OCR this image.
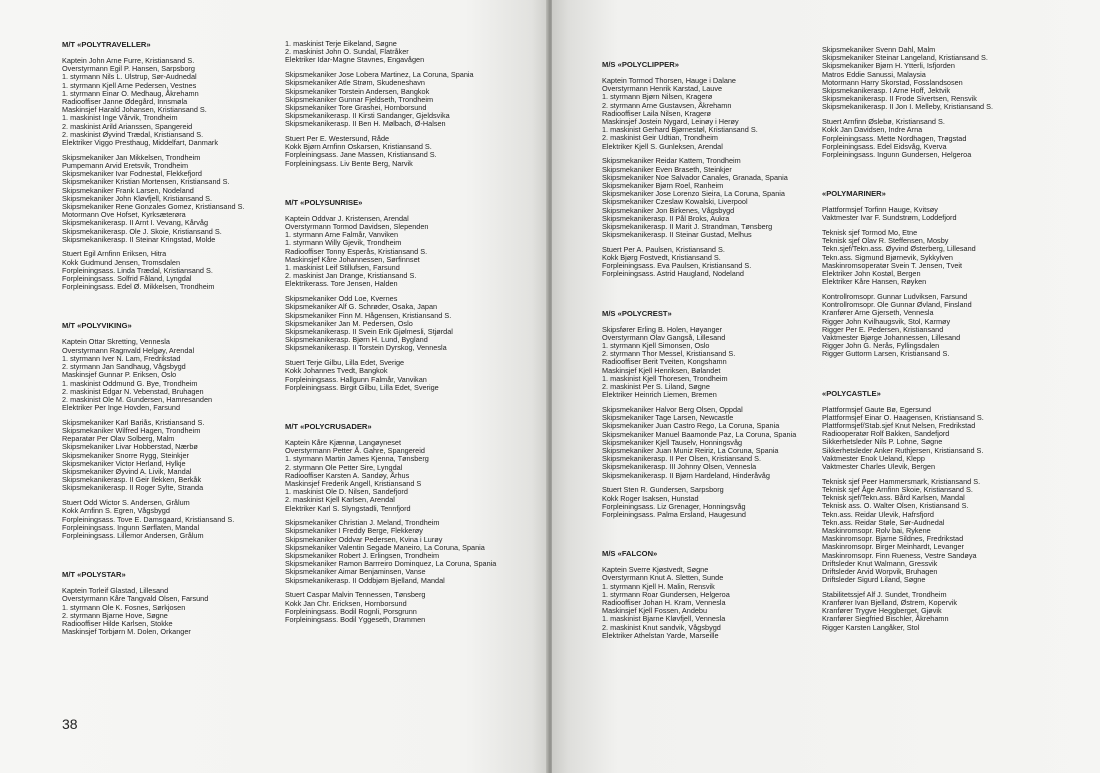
M/T «POLYTRAVELLER»
Kaptein John Arne Furre, Kristiansand S.
Overstyrmann Egil P. Hansen, Sarpsborg
1. styrmann Nils L. Ulstrup, Sør-Audnedal
1. styrmann Kjell Arne Pedersen, Vestnes
1. styrmann Einar O. Medhaug, Åkrehamn
Radiooffiser Janne Ødegård, Innsmøla
Maskinsjef Harald Johansen, Kristiansand S.
1. maskinist Inge Vårvik, Trondheim
2. maskinist Arild Arianssen, Spangereid
2. maskinist Øyvind Trædal, Kristiansand S.
Elektriker Viggo Presthaug, Middelfart, Danmark
Skipsmekaniker Jan Mikkelsen, Trondheim
Pumpemann Arvid Eretsvik, Trondheim
Skipsmekaniker Ivar Fodnestøl, Flekkefjord
Skipsmekaniker Kristian Mortensen, Kristiansand S.
Skipsmekaniker Frank Larsen, Nodeland
Skipsmekaniker John Kløvfjell, Kristiansand S.
Skipsmekaniker Rene Gonzales Gomez, Kristiansand S.
Motormann Ove Hofset, Kyrksæterøra
Skipsmekanikerasp. II Arnt I. Vevang, Kårvåg
Skipsmekanikerasp. Ole J. Skoie, Kristiansand S.
Skipsmekanikerasp. II Steinar Kringstad, Molde
Stuert Egil Arnfinn Eriksen, Hitra
Kokk Gudmund Jensen, Tromsdalen
Forpleiningsass. Linda Trædal, Kristiansand S.
Forpleiningsass. Solfrid Fåland, Lyngdal
Forpleiningsass. Edel Ø. Mikkelsen, Trondheim
M/T «POLYVIKING»
Kaptein Ottar Skretting, Vennesla
Overstyrmann Ragnvald Helgøy, Arendal
1. styrmann Iver N. Lam, Fredrikstad
2. styrmann Jan Sandhaug, Vågsbygd
Maskinsjef Gunnar P. Eriksen, Oslo
1. maskinist Oddmund G. Bye, Trondheim
2. maskinist Edgar N. Vebenstad, Bruhagen
2. maskinist Ole M. Gundersen, Hamresanden
Elektriker Per Inge Hovden, Farsund
Skipsmekaniker Karl Bariås, Kristiansand S.
Skipsmekaniker Wilfred Hagen, Trondheim
Reparatør Per Olav Solberg, Malm
Skipsmekaniker Livar Hobberstad, Nærbø
Skipsmekaniker Snorre Rygg, Steinkjer
Skipsmekaniker Victor Herland, Hylkje
Skipsmekaniker Øyvind A. Livik, Mandal
Skipsmekanikerasp. II Geir Ilekken, Berkåk
Skipsmekanikerasp. II Roger Sylte, Stranda
Stuert Odd Wictor S. Andersen, Grålum
Kokk Arnfinn S. Egren, Vågsbygd
Forpleiningsass. Tove E. Damsgaard, Kristiansand S.
Forpleiningsass. Ingunn Sørflaten, Mandal
Forpleiningsass. Lillemor Andersen, Grålum
M/T «POLYSTAR»
Kaptein Torleif Glastad, Lillesand
Overstyrmann Kåre Tangvald Olsen, Farsund
1. styrmann Ole K. Fosnes, Sørkjosen
2. styrmann Bjarne Hove, Søgne
Radiooffiser Hilde Karlsen, Stokke
Maskinsjef Torbjørn M. Dolen, Orkanger
1. maskinist Terje Eikeland, Søgne
2. maskinist John O. Sundal, Flatråker
Elektriker Idar-Magne Stavnes, Engavågen
Skipsmekaniker Jose Lobera Martinez, La Coruna, Spania
Skipsmekaniker Atle Strøm, Skudeneshavn
Skipsmekaniker Torstein Andersen, Bangkok
Skipsmekaniker Gunnar Fjeldseth, Trondheim
Skipsmekaniker Tore Grashei, Hornborsund
Skipsmekanikerasp. II Kirsti Sandanger, Gjeldsvika
Skipsmekanikerasp. II Ben H. Mølbach, Ø-Halsen
Stuert Per E. Westersund, Råde
Kokk Bjørn Arnfinn Oskarsen, Kristiansand S.
Forpleiningsass. Jane Massen, Kristiansand S.
Forpleiningsass. Liv Bente Berg, Narvik
M/T «POLYSUNRISE»
Kaptein Oddvar J. Kristensen, Arendal
Overstyrmann Tormod Davidsen, Slependen
1. styrmann Arne Falmår, Vanviken
1. styrmann Willy Gjevik, Trondheim
Radiooffiser Tonny Esperås, Kristiansand S.
Maskinsjef Kåre Johannessen, Sørfinnset
1. maskinist Leif Stillufsen, Farsund
2. maskinist Jan Drange, Kristiansand S.
Elektrikerass. Tore Jensen, Halden
Skipsmekaniker Odd Loe, Kvernes
Skipsmekaniker Alf G. Schrøder, Osaka, Japan
Skipsmekaniker Finn M. Hågensen, Kristiansand S.
Skipsmekaniker Jan M. Pedersen, Oslo
Skipsmekanikerasp. II Svein Erik Gjølmesli, Stjørdal
Skipsmekanikerasp. Bjørn H. Lund, Bygland
Skipsmekanikerasp. II Torstein Dyrskog, Vennesla
Stuert Terje Gilbu, Lilla Edet, Sverige
Kokk Johannes Tvedt, Bangkok
Forpleiningsass. Hallgunn Falmår, Vanvikan
Forpleiningsass. Birgit Gilbu, Lilla Edet, Sverige
M/T «POLYCRUSADER»
Kaptein Kåre Kjænnø, Langøyneset
Overstyrmann Petter Å. Gahre, Spangereid
1. styrmann Martin James Kjenna, Tønsberg
2. styrmann Ole Petter Sire, Lyngdal
Radiooffiser Karsten A. Sandøy, Århus
Maskinsjef Frederik Angell, Kristiansand S
1. maskinist Ole D. Nilsen, Sandefjord
2. maskinist Kjell Karlsen, Arendal
Elektriker Karl S. Slyngstadli, Tennfjord
Skipsmekaniker Christian J. Meland, Trondheim
Skipsmekaniker I Freddy Berge, Flekkerøy
Skipsmekaniker Oddvar Pedersen, Kvina i Lurøy
Skipsmekaniker Valentin Segade Maneiro, La Coruna, Spania
Skipsmekaniker Robert J. Erlingsen, Trondheim
Skipsmekaniker Ramon Barrreiro Dominquez, La Coruna, Spania
Skipsmekaniker Aimar Benjaminsen, Vanse
Skipsmekanikerasp. II Oddbjørn Bjelland, Mandal
Stuert Caspar Malvin Tennessen, Tønsberg
Kokk Jan Chr. Ericksen, Hornborsund
Forpleiningsass. Bodil Rognli, Porsgrunn
Forpleiningsass. Bodil Yggeseth, Drammen
38
M/S «POLYCLIPPER»
Kaptein Tormod Thorsen, Hauge i Dalane
Overstyrmann Henrik Karstad, Lauve
1. styrmann Bjørn Nilsen, Kragerø
2. styrmann Arne Gustavsen, Åkrehamn
Radiooffiser Laila Nilsen, Kragerø
Maskinsjef Jostein Nygard, Leinøy i Herøy
1. maskinist Gerhard Bjørnestøl, Kristiansand S.
2. maskinist Geir Udtian, Trondheim
Elektriker Kjell S. Gunleksen, Arendal
Skipsmekaniker Reidar Kattem, Trondheim
Skipsmekaniker Even Braseth, Steinkjer
Skipsmekaniker Noe Salvador Canales, Granada, Spania
Skipsmekaniker Bjørn Roel, Ranheim
Skipsmekaniker Jose Lorenzo Sieira, La Coruna, Spania
Skipsmekaniker Czeslaw Kowalski, Liverpool
Skipsmekaniker Jon Birkenes, Vågsbygd
Skipsmekanikerasp. II Pål Broks, Aukra
Skipsmekanikerasp. II Marit J. Strandman, Tønsberg
Skipsmekanikerasp. II Steinar Gustad, Melhus
Stuert Per A. Paulsen, Kristiansand S.
Kokk Bjørg Fostvedt, Kristiansand S.
Forpleiningsass. Eva Paulsen, Kristiansand S.
Forpleiningsass. Astrid Haugland, Nodeland
M/S «POLYCREST»
Skipsfører Erling B. Holen, Høyanger
Overstyrmann Olav Gangså, Lillesand
1. styrmann Kjell Simonsen, Oslo
2. styrmann Thor Messel, Kristiansand S.
Radiooffiser Berit Tveiten, Kongshamn
Maskinsjef Kjell Henriksen, Bølandet
1. maskinist Kjell Thoresen, Trondheim
2. maskinist Per S. Liland, Søgne
Elektriker Heinrich Liemen, Bremen
Skipsmekaniker Halvor Berg Olsen, Oppdal
Skipsmekaniker Tage Larsen, Newcastle
Skipsmekaniker Juan Castro Rego, La Coruna, Spania
Skipsmekaniker Manuel Baamonde Paz, La Coruna, Spania
Skipsmekaniker Kjell Tauselv, Honningsvåg
Skipsmekaniker Juan Muniz Reiriz, La Coruna, Spania
Skipsmekanikerasp. II Per Olsen, Kristiansand S.
Skipsmekanikerasp. III Johnny Olsen, Vennesla
Skipsmekanikerasp. II Bjørn Hardeland, Hinderåvåg
Stuert Sten R. Gundersen, Sarpsborg
Kokk Roger Isaksen, Hunstad
Forpleiningsass. Liz Grenager, Honningsvåg
Forpleiningsass. Palma Ersland, Haugesund
M/S «FALCON»
Kaptein Sverre Kjøstvedt, Søgne
Overstyrmann Knut A. Sletten, Sunde
1. styrmann Kjell H. Malin, Rensvik
1. styrmann Roar Gundersen, Helgeroa
Radiooffiser Johan H. Kram, Vennesla
Maskinsjef Kjell Fossen, Andebu
1. maskinist Bjarne Kløvfjell, Vennesla
2. maskinist Knut sandvik, Vågsbygd
Elektriker Athelstan Yarde, Marseille
Skipsmekaniker Svenn Dahl, Malm
Skipsmekaniker Steinar Langeland, Kristiansand S.
Skipsmekaniker Bjørn H. Ytterli, Isfjorden
Matros Eddie Sanussi, Malaysia
Motormann Harry Skorstad, Fosslandsosen
Skipsmekanikerasp. I Arne Hoff, Jektvik
Skipsmekanikerasp. II Frode Sivertsen, Rensvik
Skipsmekanikerasp. II Jon I. Melleby, Kristiansand S.
Stuert Arnfinn Øslebø, Kristiansand S.
Kokk Jan Davidsen, Indre Arna
Forpleiningsass. Mette Nordhagen, Trøgstad
Forpleiningsass. Edel Eidsvåg, Kverva
Forpleiningsass. Ingunn Gundersen, Helgeroa
«POLYMARINER»
Plattformsjef Torfinn Hauge, Kvitsøy
Vaktmester Ivar F. Sundstrøm, Loddefjord
Teknisk sjef Tormod Mo, Etne
Teknisk sjef Olav R. Steffensen, Mosby
Tekn.sjef/Tekn.ass. Øyvind Østerberg, Lillesand
Tekn.ass. Sigmund Bjørnevik, Sykkylven
Maskinromsoperatør Svein T. Jensen, Tveit
Elektriker John Kostøl, Bergen
Elektriker Kåre Hansen, Røyken
Kontrollromsopr. Gunnar Ludviksen, Farsund
Kontrollromsopr. Ole Gunnar Øvland, Finsland
Kranfører Arne Gjerseth, Vennesla
Rigger John Kvilhaugsvik, Stol, Karmøy
Rigger Per E. Pedersen, Kristiansand
Vaktmester Bjørge Johannessen, Lillesand
Rigger John G. Nerås, Fyllingsdalen
Rigger Guttorm Larsen, Kristiansand S.
«POLYCASTLE»
Plattformsjef Gaute Bø, Egersund
Plattformsjef Einar O. Haagensen, Kristiansand S.
Plattformsjef/Stab.sjef Knut Nelsen, Fredrikstad
Radiooperatør Rolf Bakken, Sandefjord
Sikkerhetsleder Nils P. Lohne, Søgne
Sikkerhetsleder Anker Ruthjersen, Kristiansand S.
Vaktmester Enok Ueland, Klepp
Vaktmester Charles Ulevik, Bergen
Teknisk sjef Peer Hammersmark, Kristiansand S.
Teknisk sjef Åge Arnfinn Skoie, Kristiansand S.
Teknisk sjef/Tekn.ass. Bård Karlsen, Mandal
Teknisk ass. O. Walter Olsen, Kristiansand S.
Tekn.ass. Reidar Ulevik, Hafrsfjord
Tekn.ass. Reidar Støle, Sør-Audnedal
Maskinromsopr. Rolv bai, Rykene
Maskinromsopr. Bjarne Sildnes, Fredrikstad
Maskinromsopr. Birger Meinhardt, Levanger
Maskinromsopr. Finn Rueness, Vestre Sandøya
Driftsleder Knut Walmann, Gressvik
Driftsleder Arvid Worpvik, Bruhagen
Driftsleder Sigurd Liland, Søgne
Stabilitetssjef Alf J. Sundet, Trondheim
Kranfører Ivan Bjelland, Østrem, Kopervik
Kranfører Trygve Heggberget, Gjøvik
Kranfører Siegfried Bischler, Åkrehamn
Rigger Karsten Langåker, Stol
